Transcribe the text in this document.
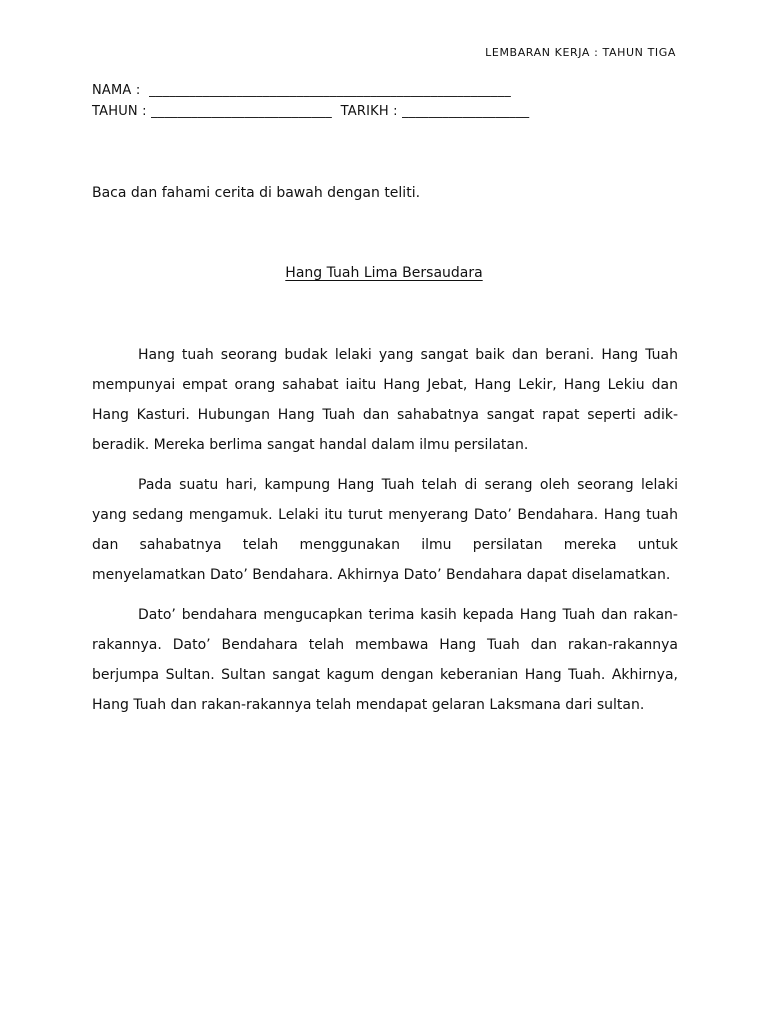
LEMBARAN KERJA : TAHUN TIGA
NAMA :  ______________________________________________________
TAHUN : ___________________________  TARIKH : ___________________
Baca dan fahami cerita di bawah dengan teliti.
Hang Tuah Lima Bersaudara

Hang tuah seorang budak lelaki yang sangat baik dan berani. Hang Tuah mempunyai empat orang sahabat iaitu Hang Jebat, Hang Lekir, Hang Lekiu dan Hang Kasturi. Hubungan Hang Tuah dan sahabatnya sangat rapat seperti adik-beradik. Mereka berlima sangat handal dalam ilmu persilatan.

Pada suatu hari, kampung Hang Tuah telah di serang oleh seorang lelaki yang sedang mengamuk. Lelaki itu turut menyerang Dato’ Bendahara. Hang tuah dan sahabatnya telah menggunakan ilmu persilatan mereka untuk menyelamatkan Dato’ Bendahara. Akhirnya Dato’ Bendahara dapat diselamatkan.

Dato’ bendahara mengucapkan terima kasih kepada Hang Tuah dan rakan-rakannya. Dato’ Bendahara telah membawa Hang Tuah dan rakan-rakannya berjumpa Sultan. Sultan sangat kagum dengan keberanian Hang Tuah. Akhirnya, Hang Tuah dan rakan-rakannya telah mendapat gelaran Laksmana dari sultan.
